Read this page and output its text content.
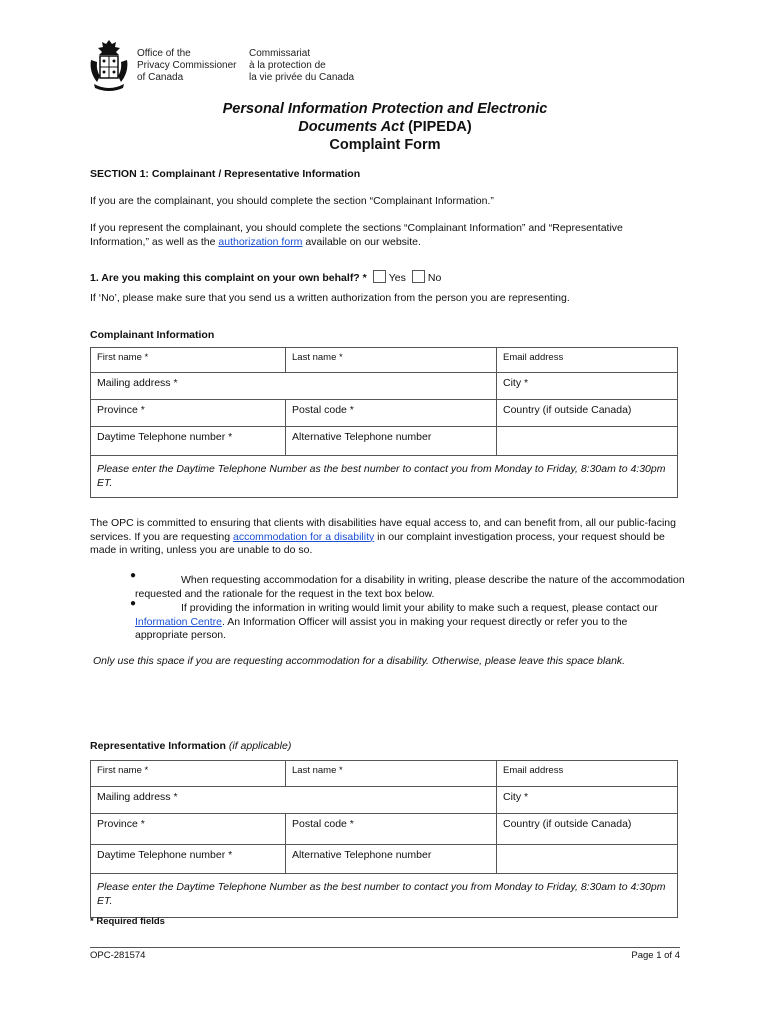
Office of the
Privacy Commissioner
of Canada
Commissariat
à la protection de
la vie privée du Canada
Personal Information Protection and Electronic
Documents Act (PIPEDA)
Complaint Form
SECTION 1: Complainant / Representative Information
If you are the complainant, you should complete the section “Complainant Information.”
If you represent the complainant, you should complete the sections “Complainant Information” and “Representative Information,” as well as the authorization form available on our website.
1. Are you making this complaint on your own behalf? * Yes No
If ‘No’, please make sure that you send us a written authorization from the person you are representing.
Complainant Information
First name *	Last name *	Email address
Mailing address *		City *
Province *	Postal code *	Country (if outside Canada)
Daytime Telephone number *	Alternative Telephone number	
Please enter the Daytime Telephone Number as the best number to contact you from Monday to Friday, 8:30am to 4:30pm ET.		
The OPC is committed to ensuring that clients with disabilities have equal access to, and can benefit from, all our public-facing services. If you are requesting accommodation for a disability in our complaint investigation process, your request should be made in writing, unless you are unable to do so.
●	When requesting accommodation for a disability in writing, please describe the nature of the accommodation requested and the rationale for the request in the text box below.
●	If providing the information in writing would limit your ability to make such a request, please contact our Information Centre. An Information Officer will assist you in making your request directly or refer you to the appropriate person.
Only use this space if you are requesting accommodation for a disability. Otherwise, please leave this space blank.
Representative Information (if applicable)
First name *	Last name *	Email address
Mailing address *		City *
Province *	Postal code *	Country (if outside Canada)
Daytime Telephone number *	Alternative Telephone number	
Please enter the Daytime Telephone Number as the best number to contact you from Monday to Friday, 8:30am to 4:30pm ET.		
* Required fields
OPC-281574	Page 1 of 4
